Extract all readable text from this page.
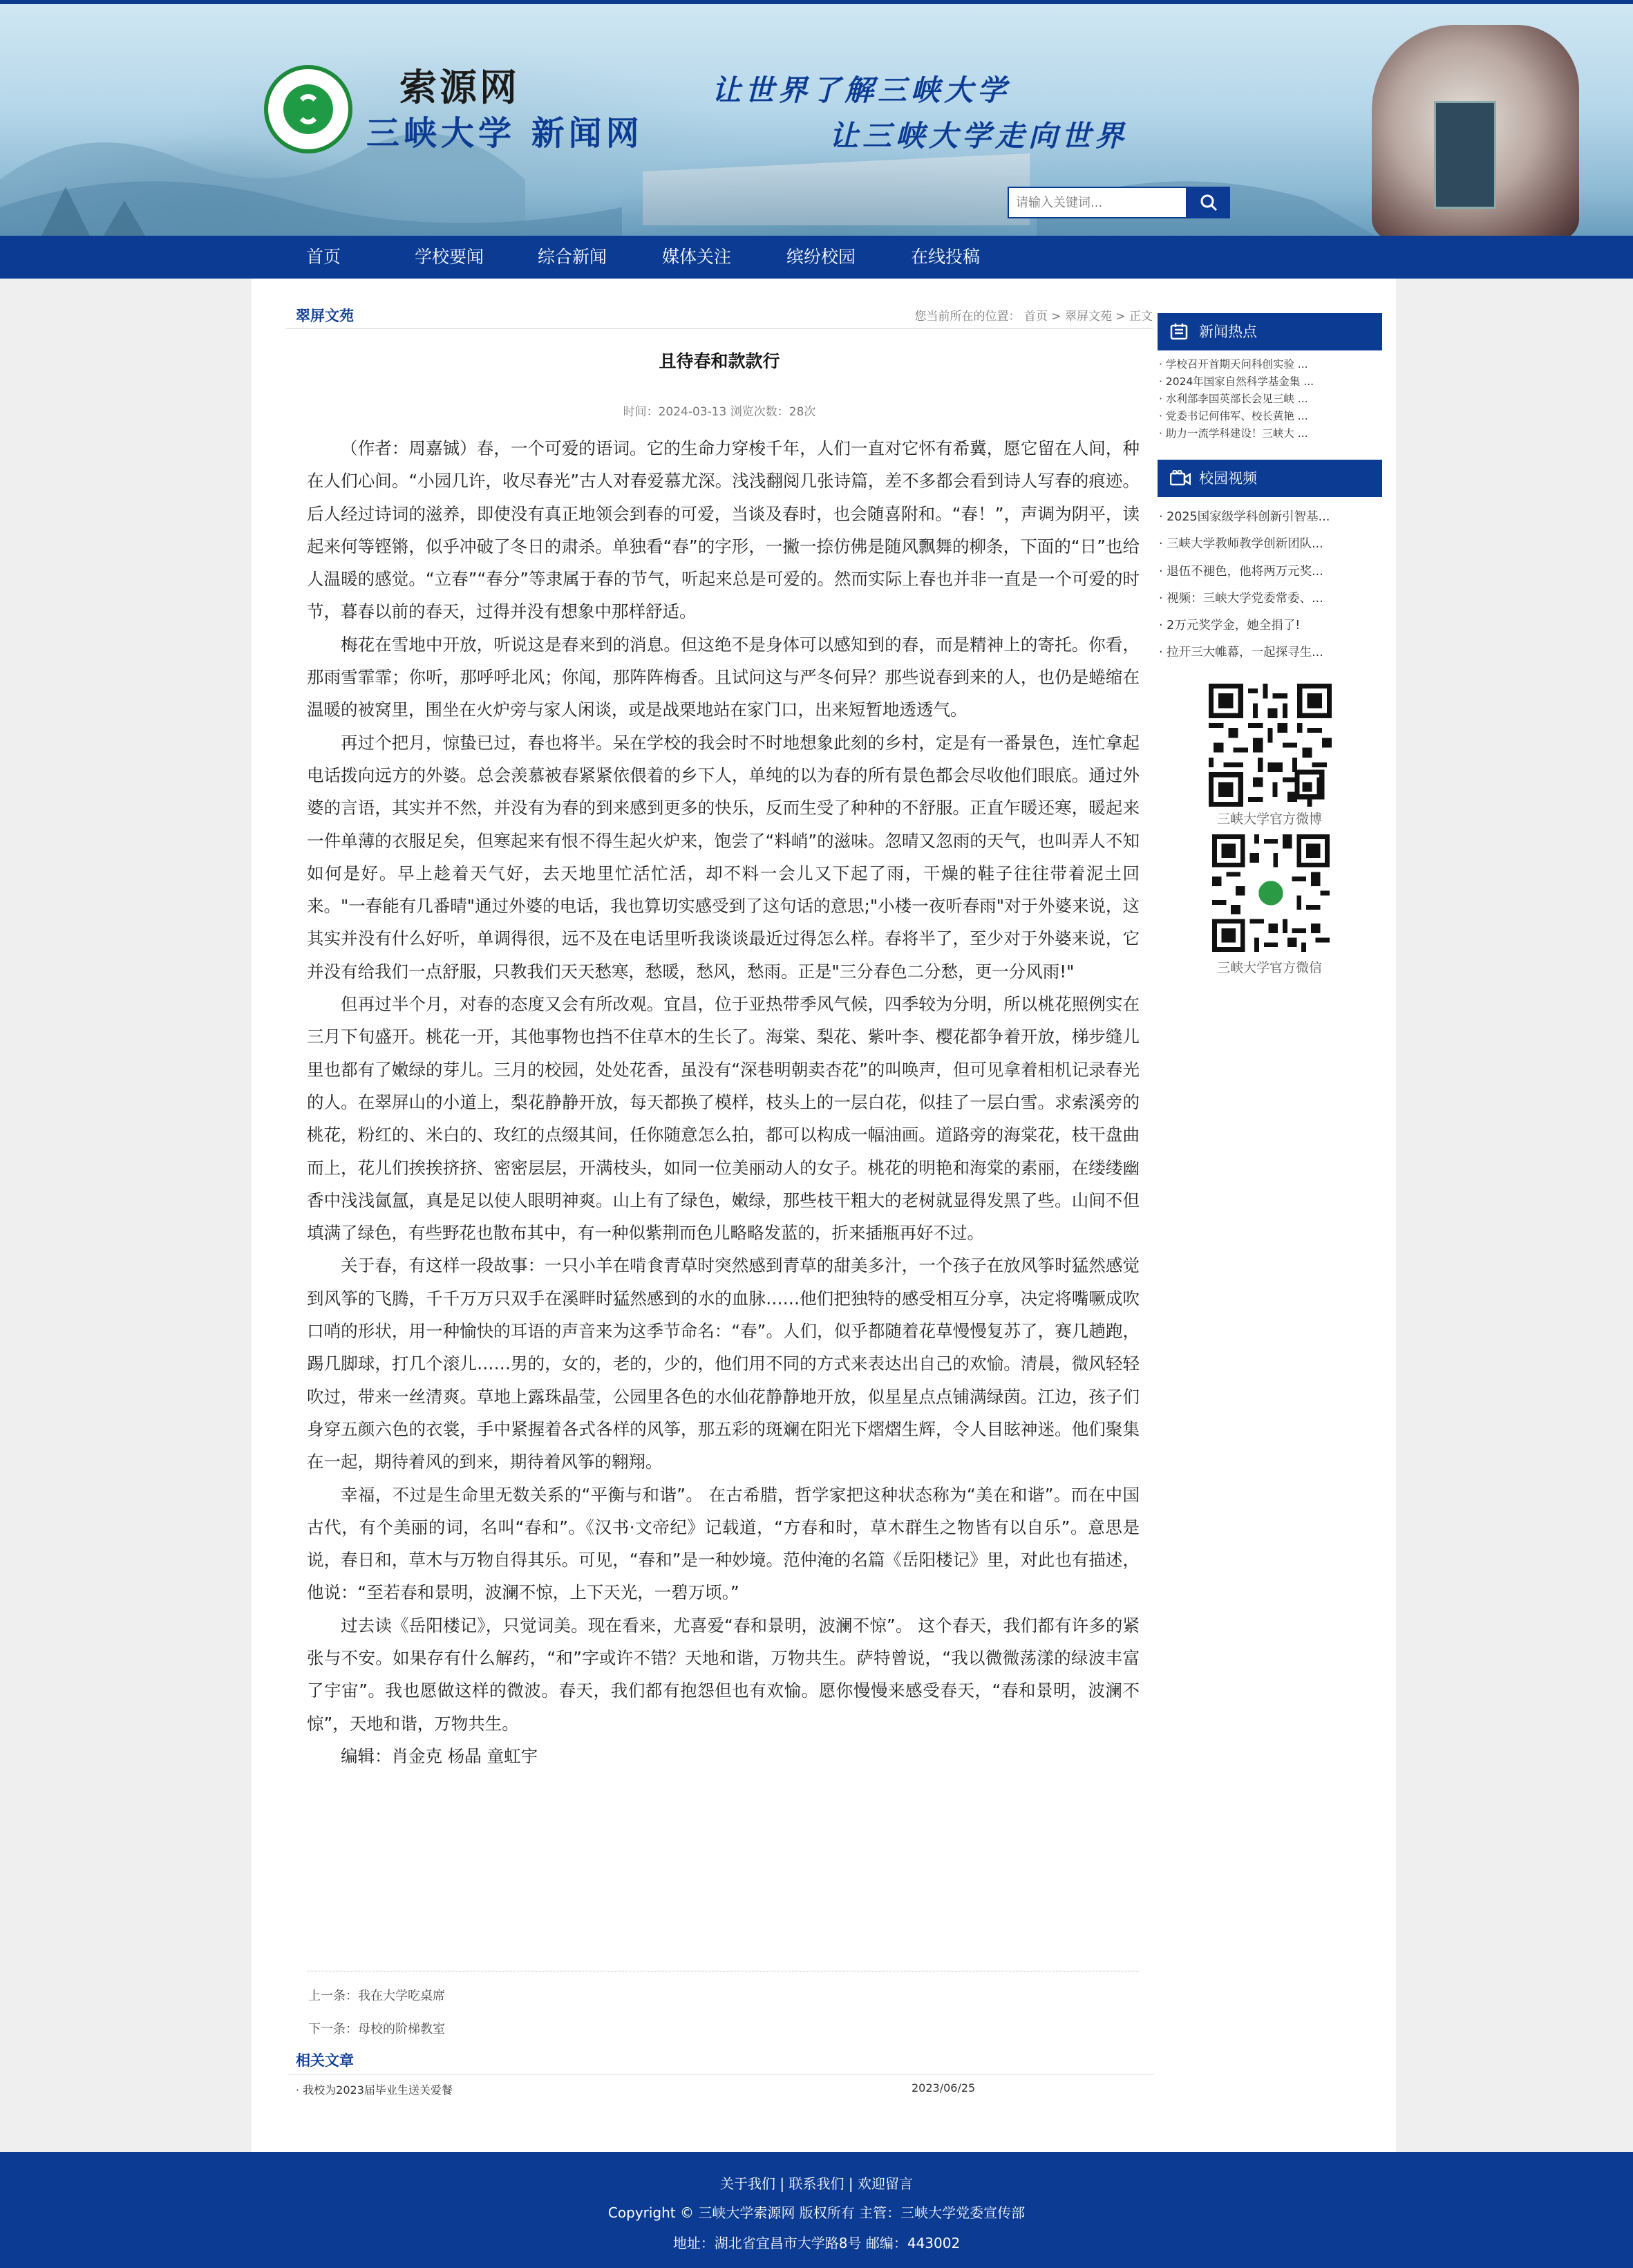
索源网
三峡大学 新闻网
让世界了解三峡大学
让三峡大学走向世界
请输入关键词...
首页	学校要闻	综合新闻	媒体关注	缤纷校园	在线投稿
翠屏文苑	您当前所在的位置： 首页 > 翠屏文苑 > 正文
且待春和款款行
时间：2024-03-13 浏览次数：28次

（作者：周嘉铖）春，一个可爱的语词。它的生命力穿梭千年，人们一直对它怀有希冀，愿它留在人间，种在人们心间。“小园几许，收尽春光”古人对春爱慕尤深。浅浅翻阅几张诗篇，差不多都会看到诗人写春的痕迹。后人经过诗词的滋养，即使没有真正地领会到春的可爱，当谈及春时，也会随喜附和。“春！”，声调为阴平，读起来何等铿锵，似乎冲破了冬日的肃杀。单独看“春”的字形，一撇一捺仿佛是随风飘舞的柳条，下面的“日”也给人温暖的感觉。“立春”“春分”等隶属于春的节气，听起来总是可爱的。然而实际上春也并非一直是一个可爱的时节，暮春以前的春天，过得并没有想象中那样舒适。

梅花在雪地中开放，听说这是春来到的消息。但这绝不是身体可以感知到的春，而是精神上的寄托。你看，那雨雪霏霏；你听，那呼呼北风；你闻，那阵阵梅香。且试问这与严冬何异？那些说春到来的人，也仍是蜷缩在温暖的被窝里，围坐在火炉旁与家人闲谈，或是战栗地站在家门口，出来短暂地透透气。

再过个把月，惊蛰已过，春也将半。呆在学校的我会时不时地想象此刻的乡村，定是有一番景色，连忙拿起电话拨向远方的外婆。总会羡慕被春紧紧依偎着的乡下人，单纯的以为春的所有景色都会尽收他们眼底。通过外婆的言语，其实并不然，并没有为春的到来感到更多的快乐，反而生受了种种的不舒服。正直乍暖还寒，暖起来一件单薄的衣服足矣，但寒起来有恨不得生起火炉来，饱尝了“料峭”的滋味。忽晴又忽雨的天气，也叫弄人不知如何是好。早上趁着天气好，去天地里忙活忙活，却不料一会儿又下起了雨，干燥的鞋子往往带着泥土回来。"一春能有几番晴"通过外婆的电话，我也算切实感受到了这句话的意思;"小楼一夜听春雨"对于外婆来说，这其实并没有什么好听，单调得很，远不及在电话里听我谈谈最近过得怎么样。春将半了，至少对于外婆来说，它并没有给我们一点舒服，只教我们天天愁寒，愁暖，愁风，愁雨。正是"三分春色二分愁，更一分风雨!"

但再过半个月，对春的态度又会有所改观。宜昌，位于亚热带季风气候，四季较为分明，所以桃花照例实在三月下旬盛开。桃花一开，其他事物也挡不住草木的生长了。海棠、梨花、紫叶李、樱花都争着开放，梯步缝儿里也都有了嫩绿的芽儿。三月的校园，处处花香，虽没有“深巷明朝卖杏花”的叫唤声，但可见拿着相机记录春光的人。在翠屏山的小道上，梨花静静开放，每天都换了模样，枝头上的一层白花，似挂了一层白雪。求索溪旁的桃花，粉红的、米白的、玫红的点缀其间，任你随意怎么拍，都可以构成一幅油画。道路旁的海棠花，枝干盘曲而上，花儿们挨挨挤挤、密密层层，开满枝头，如同一位美丽动人的女子。桃花的明艳和海棠的素丽，在缕缕幽香中浅浅氤氲，真是足以使人眼明神爽。山上有了绿色，嫩绿，那些枝干粗大的老树就显得发黑了些。山间不但填满了绿色，有些野花也散布其中，有一种似紫荆而色儿略略发蓝的，折来插瓶再好不过。

关于春，有这样一段故事：一只小羊在啃食青草时突然感到青草的甜美多汁，一个孩子在放风筝时猛然感觉到风筝的飞腾，千千万万只双手在溪畔时猛然感到的水的血脉……他们把独特的感受相互分享，决定将嘴噘成吹口哨的形状，用一种愉快的耳语的声音来为这季节命名：“春”。人们，似乎都随着花草慢慢复苏了，赛几趟跑，踢几脚球，打几个滚儿……男的，女的，老的，少的，他们用不同的方式来表达出自己的欢愉。清晨，微风轻轻吹过，带来一丝清爽。草地上露珠晶莹，公园里各色的水仙花静静地开放，似星星点点铺满绿茵。江边，孩子们身穿五颜六色的衣裳，手中紧握着各式各样的风筝，那五彩的斑斓在阳光下熠熠生辉，令人目眩神迷。他们聚集在一起，期待着风的到来，期待着风筝的翱翔。

幸福，不过是生命里无数关系的“平衡与和谐”。 在古希腊，哲学家把这种状态称为“美在和谐”。而在中国古代，有个美丽的词，名叫“春和”。《汉书·文帝纪》记载道，“方春和时，草木群生之物皆有以自乐”。意思是说，春日和，草木与万物自得其乐。可见，“春和”是一种妙境。范仲淹的名篇《岳阳楼记》里，对此也有描述，他说：“至若春和景明，波澜不惊，上下天光，一碧万顷。”

过去读《岳阳楼记》，只觉词美。现在看来，尤喜爱“春和景明，波澜不惊”。 这个春天，我们都有许多的紧张与不安。如果存有什么解药，“和”字或许不错？天地和谐，万物共生。萨特曾说，“我以微微荡漾的绿波丰富了宇宙”。我也愿做这样的微波。春天，我们都有抱怨但也有欢愉。愿你慢慢来感受春天，“春和景明，波澜不惊”，天地和谐，万物共生。

编辑：肖金克 杨晶 童虹宇

上一条：我在大学吃桌席
下一条：母校的阶梯教室
相关文章
· 我校为2023届毕业生送关爱餐	2023/06/25
新闻热点
· 学校召开首期天问科创实验 ...
· 2024年国家自然科学基金集 ...
· 水利部李国英部长会见三峡 ...
· 党委书记何伟军、校长黄艳 ...
· 助力一流学科建设！三峡大 ...
校园视频
· 2025国家级学科创新引智基...
· 三峡大学教师教学创新团队...
· 退伍不褪色，他将两万元奖...
· 视频：三峡大学党委常委、...
· 2万元奖学金，她全捐了!
· 拉开三大帷幕，一起探寻生...
三峡大学官方微博
三峡大学官方微信
关于我们 | 联系我们 | 欢迎留言
Copyright © 三峡大学索源网 版权所有 主管：三峡大学党委宣传部
地址：湖北省宜昌市大学路8号 邮编：443002
